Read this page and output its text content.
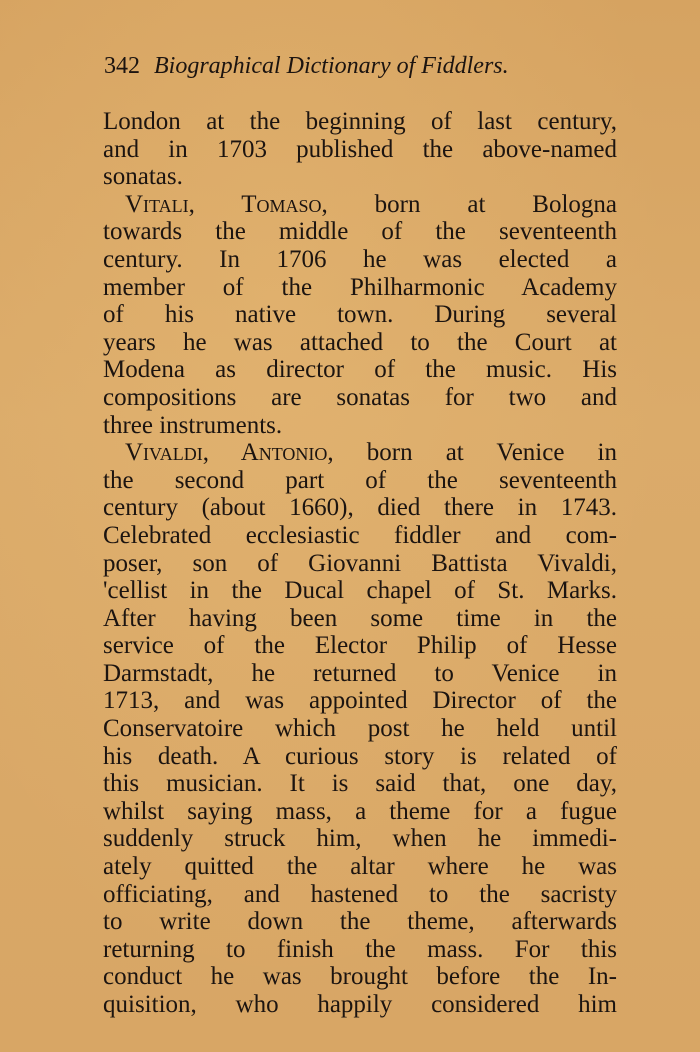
342 Biographical Dictionary of Fiddlers.
London at the beginning of last century,
and in 1703 published the above-named
sonatas.
Vitali, Tomaso, born at Bologna
towards the middle of the seventeenth
century. In 1706 he was elected a
member of the Philharmonic Academy
of his native town. During several
years he was attached to the Court at
Modena as director of the music. His
compositions are sonatas for two and
three instruments.
Vivaldi, Antonio, born at Venice in
the second part of the seventeenth
century (about 1660), died there in 1743.
Celebrated ecclesiastic fiddler and com-
poser, son of Giovanni Battista Vivaldi,
'cellist in the Ducal chapel of St. Marks.
After having been some time in the
service of the Elector Philip of Hesse
Darmstadt, he returned to Venice in
1713, and was appointed Director of the
Conservatoire which post he held until
his death. A curious story is related of
this musician. It is said that, one day,
whilst saying mass, a theme for a fugue
suddenly struck him, when he immedi-
ately quitted the altar where he was
officiating, and hastened to the sacristy
to write down the theme, afterwards
returning to finish the mass. For this
conduct he was brought before the In-
quisition, who happily considered him
